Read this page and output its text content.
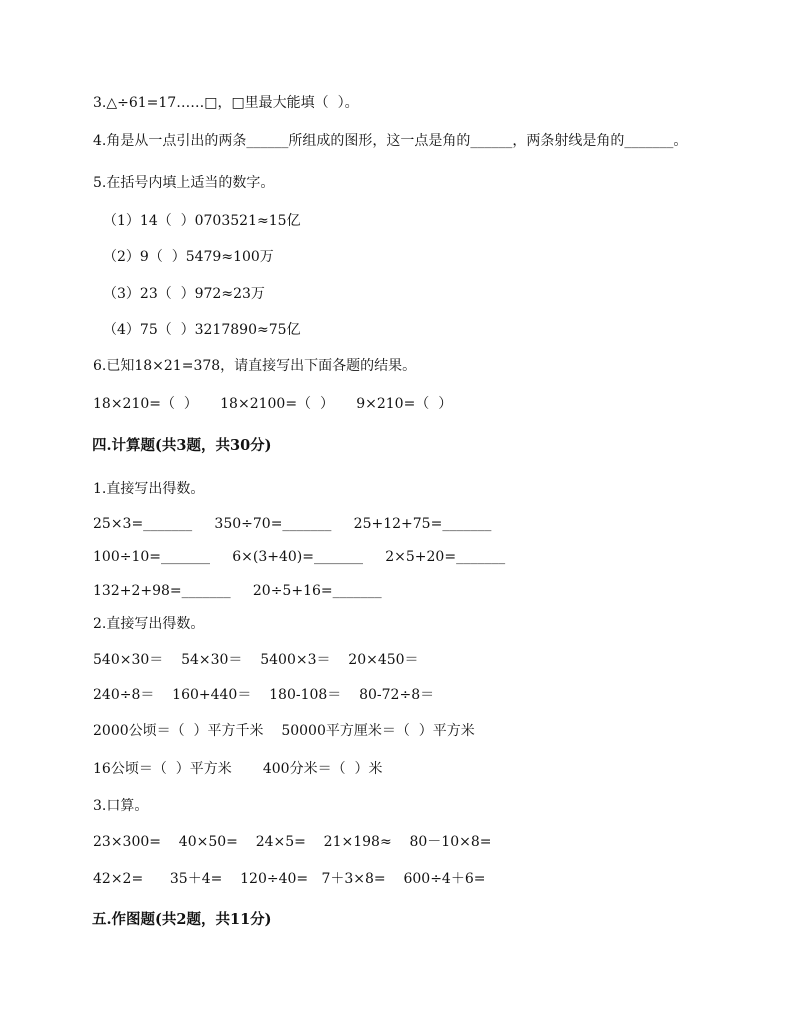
3.△÷61=17……□，□里最大能填（  ）。
4.角是从一点引出的两条______所组成的图形，这一点是角的______，两条射线是角的_______。
5.在括号内填上适当的数字。
（1）14（  ）0703521≈15亿
（2）9（  ）5479≈100万
（3）23（  ）972≈23万
（4）75（  ）3217890≈75亿
6.已知18×21=378，请直接写出下面各题的结果。
18×210=（  ）     18×2100=（  ）     9×210=（  ）
四.计算题(共3题，共30分)
1.直接写出得数。
25×3=_______     350÷70=_______     25+12+75=_______
100÷10=_______     6×(3+40)=_______     2×5+20=_______
132+2+98=_______     20÷5+16=_______
2.直接写出得数。
540×30＝    54×30＝    5400×3＝    20×450＝
240÷8＝    160+440＝    180-108＝    80-72÷8＝
2000公顷＝（  ）平方千米    50000平方厘米＝（  ）平方米
16公顷＝（  ）平方米       400分米＝（  ）米
3.口算。
23×300=    40×50=    24×5=    21×198≈    80－10×8=
42×2=      35＋4=    120÷40=   7＋3×8=    600÷4＋6=
五.作图题(共2题，共11分)
